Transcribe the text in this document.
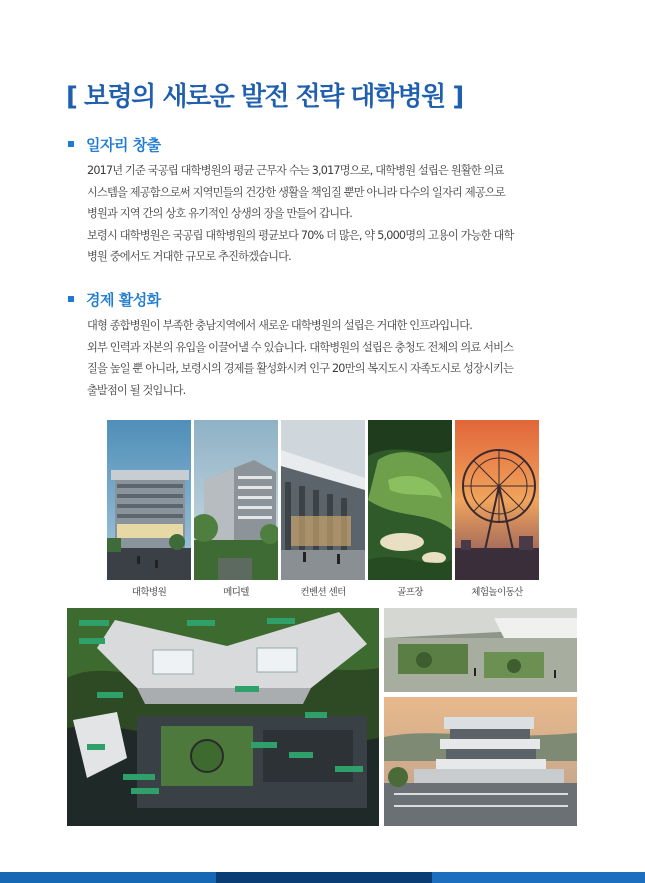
[ 보령의 새로운 발전 전략 대학병원 ]
일자리 창출
2017년 기준 국공립 대학병원의 평균 근무자 수는 3,017명으로, 대학병원 설립은 원활한 의료
시스템을 제공함으로써 지역민들의 건강한 생활을 책임질 뿐만 아니라 다수의 일자리 제공으로
병원과 지역 간의 상호 유기적인 상생의 장을 만들어 갑니다.
보령시 대학병원은 국공립 대학병원의 평균보다 70% 더 많은, 약 5,000명의 고용이 가능한 대학
병원 중에서도 거대한 규모로 추진하겠습니다.
경제 활성화
대형 종합병원이 부족한 충남지역에서 새로운 대학병원의 설립은 거대한 인프라입니다.
외부 인력과 자본의 유입을 이끌어낼 수 있습니다. 대학병원의 설립은 충청도 전체의 의료 서비스
질을 높일 뿐 아니라, 보령시의 경제를 활성화시켜 인구 20만의 복지도시 자족도시로 성장시키는
출발점이 될 것입니다.
대학병원	메디텔	컨벤션 센터	골프장	체험놀이동산
